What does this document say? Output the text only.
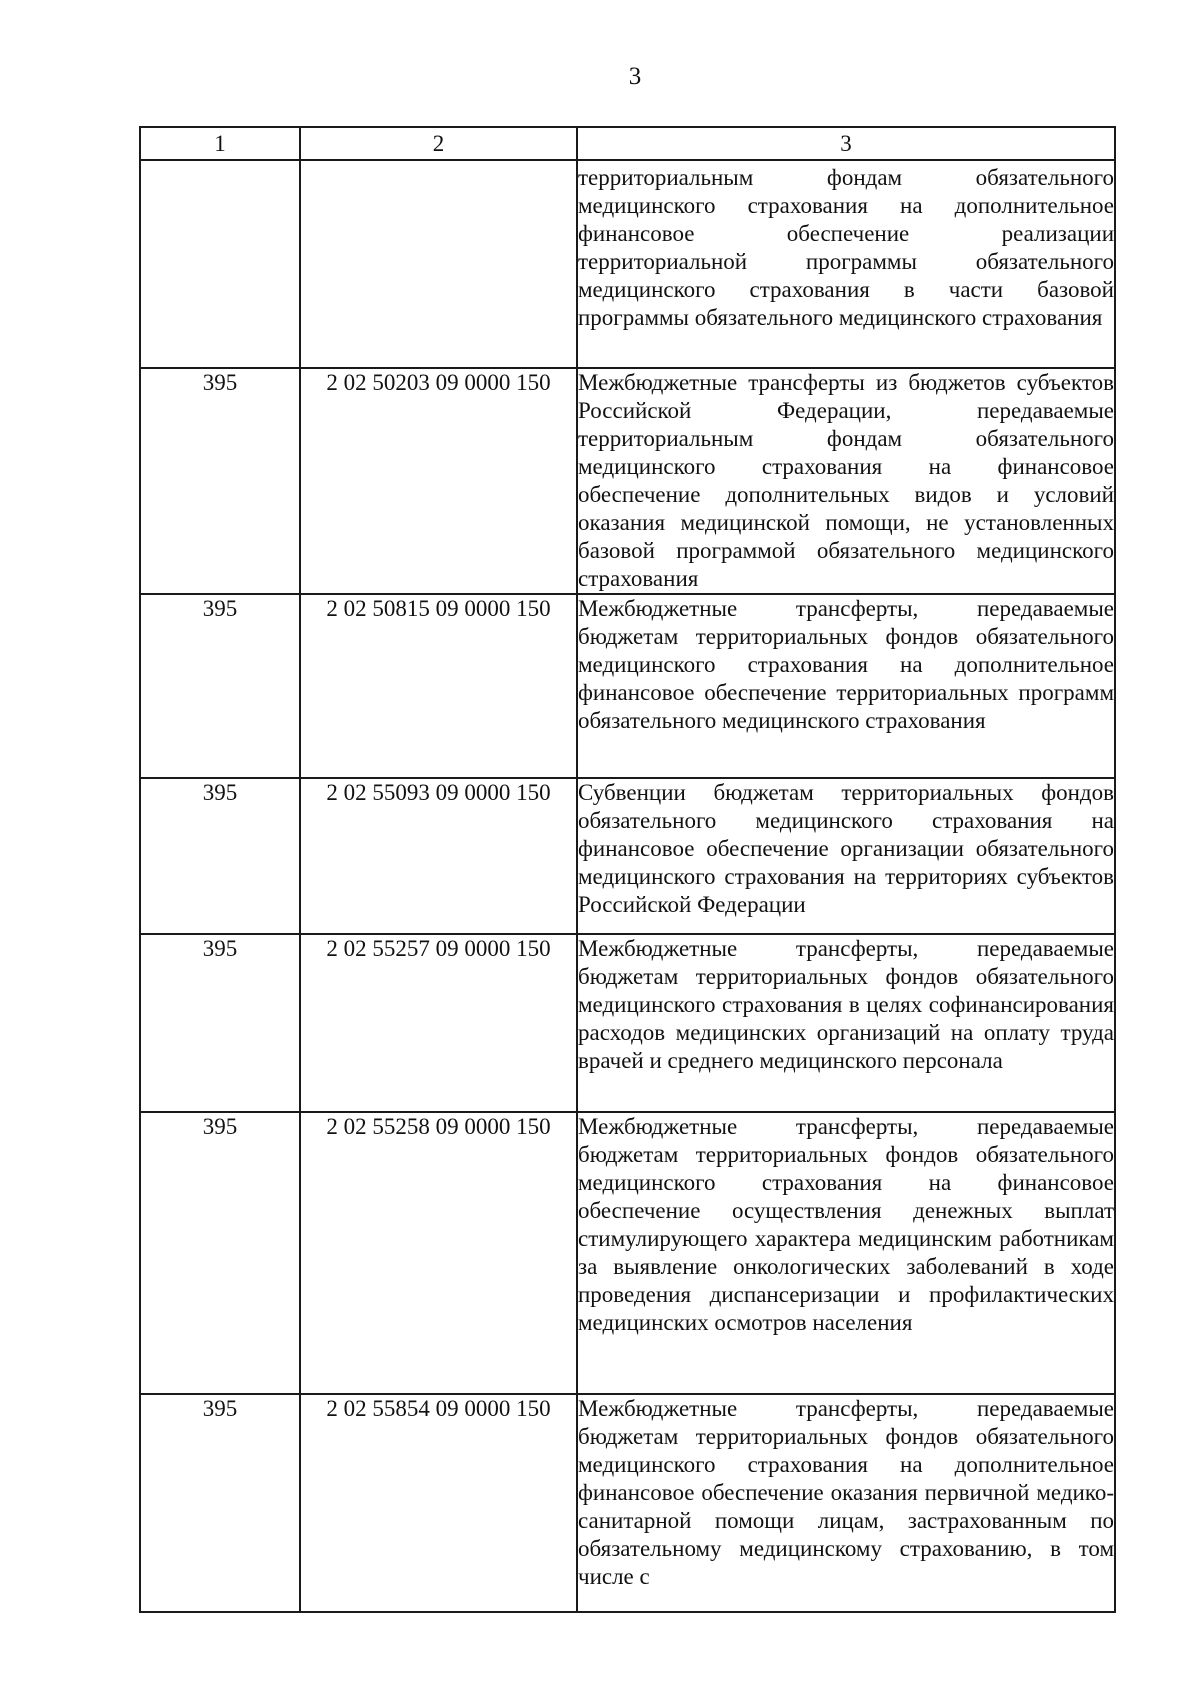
3
1	2	3
		территориальным фондам обязательного медицинского страхования на дополнительное финансовое обеспечение реализации территориальной программы обязательного медицинского страхования в части базовой программы обязательного медицинского страхования
395	2 02 50203 09 0000 150	Межбюджетные трансферты из бюджетов субъектов Российской Федерации, передаваемые территориальным фондам обязательного медицинского страхования на финансовое обеспечение дополнительных видов и условий оказания медицинской помощи, не установленных базовой программой обязательного медицинского страхования
395	2 02 50815 09 0000 150	Межбюджетные трансферты, передаваемые бюджетам территориальных фондов обязательного медицинского страхования на дополнительное финансовое обеспечение территориальных программ обязательного медицинского страхования
395	2 02 55093 09 0000 150	Субвенции бюджетам территориальных фондов обязательного медицинского страхования на финансовое обеспечение организации обязательного медицинского страхования на территориях субъектов Российской Федерации
395	2 02 55257 09 0000 150	Межбюджетные трансферты, передаваемые бюджетам территориальных фондов обязательного медицинского страхования в целях софинансирования расходов медицинских организаций на оплату труда врачей и среднего медицинского персонала
395	2 02 55258 09 0000 150	Межбюджетные трансферты, передаваемые бюджетам территориальных фондов обязательного медицинского страхования на финансовое обеспечение осуществления денежных выплат стимулирующего характера медицинским работникам за выявление онкологических заболеваний в ходе проведения диспансеризации и профилактических медицинских осмотров населения
395	2 02 55854 09 0000 150	Межбюджетные трансферты, передаваемые бюджетам территориальных фондов обязательного медицинского страхования на дополнительное финансовое обеспечение оказания первичной медико-санитарной помощи лицам, застрахованным по обязательному медицинскому страхованию, в том числе с
